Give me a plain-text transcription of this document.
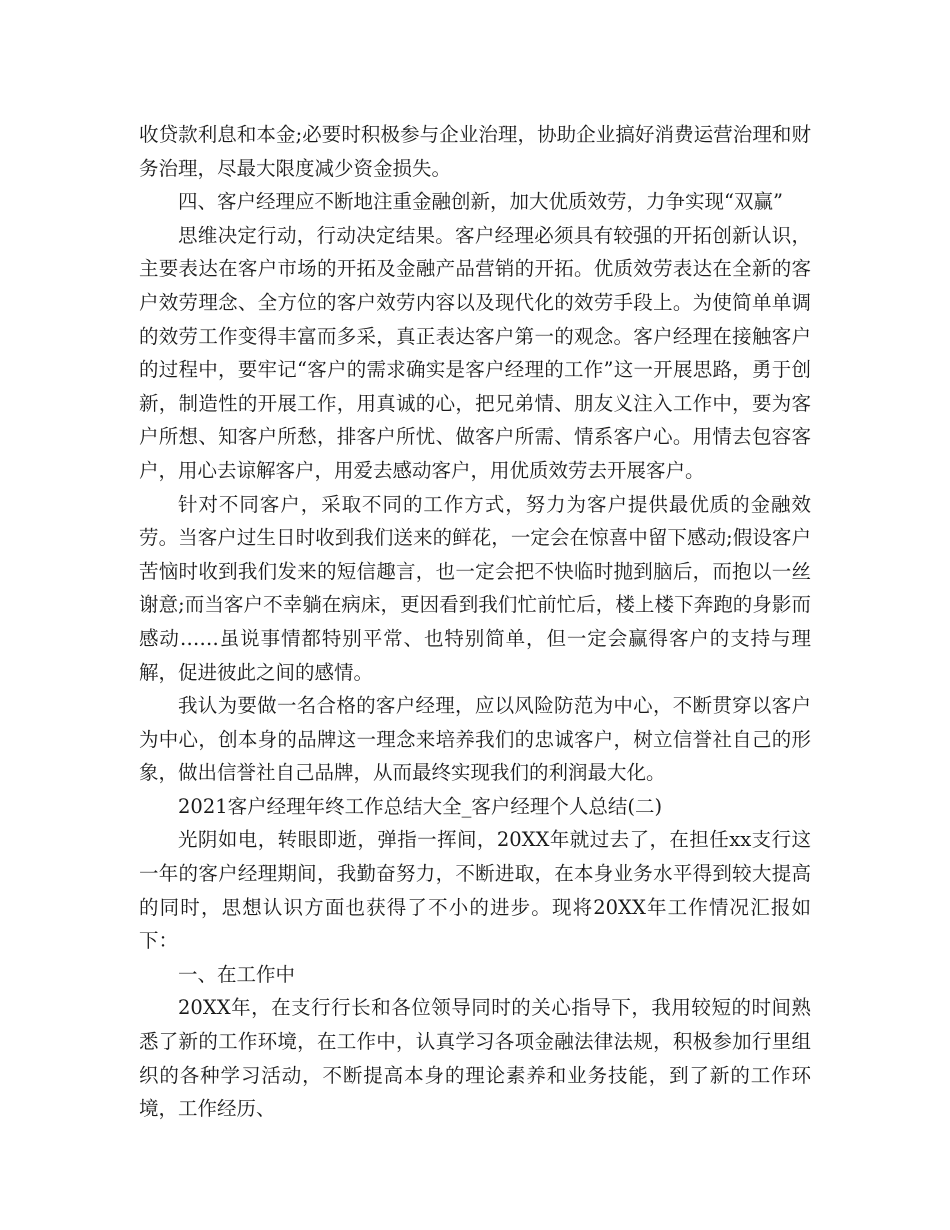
收贷款利息和本金;必要时积极参与企业治理，协助企业搞好消费运营治理和财务治理，尽最大限度减少资金损失。

四、客户经理应不断地注重金融创新，加大优质效劳，力争实现“双赢”

思维决定行动，行动决定结果。客户经理必须具有较强的开拓创新认识，主要表达在客户市场的开拓及金融产品营销的开拓。优质效劳表达在全新的客户效劳理念、全方位的客户效劳内容以及现代化的效劳手段上。为使简单单调的效劳工作变得丰富而多采，真正表达客户第一的观念。客户经理在接触客户的过程中，要牢记“客户的需求确实是客户经理的工作”这一开展思路，勇于创新，制造性的开展工作，用真诚的心，把兄弟情、朋友义注入工作中，要为客户所想、知客户所愁，排客户所忧、做客户所需、情系客户心。用情去包容客户，用心去谅解客户，用爱去感动客户，用优质效劳去开展客户。

针对不同客户，采取不同的工作方式，努力为客户提供最优质的金融效劳。当客户过生日时收到我们送来的鲜花，一定会在惊喜中留下感动;假设客户苦恼时收到我们发来的短信趣言，也一定会把不快临时抛到脑后，而抱以一丝谢意;而当客户不幸躺在病床，更因看到我们忙前忙后，楼上楼下奔跑的身影而感动……虽说事情都特别平常、也特别简单，但一定会赢得客户的支持与理解，促进彼此之间的感情。

我认为要做一名合格的客户经理，应以风险防范为中心，不断贯穿以客户为中心，创本身的品牌这一理念来培养我们的忠诚客户，树立信誉社自己的形象，做出信誉社自己品牌，从而最终实现我们的利润最大化。

2021客户经理年终工作总结大全_客户经理个人总结(二)

光阴如电，转眼即逝，弹指一挥间，20XX年就过去了，在担任xx支行这一年的客户经理期间，我勤奋努力，不断进取，在本身业务水平得到较大提高的同时，思想认识方面也获得了不小的进步。现将20XX年工作情况汇报如下：

一、在工作中

20XX年，在支行行长和各位领导同时的关心指导下，我用较短的时间熟悉了新的工作环境，在工作中，认真学习各项金融法律法规，积极参加行里组织的各种学习活动，不断提高本身的理论素养和业务技能，到了新的工作环境，工作经历、
